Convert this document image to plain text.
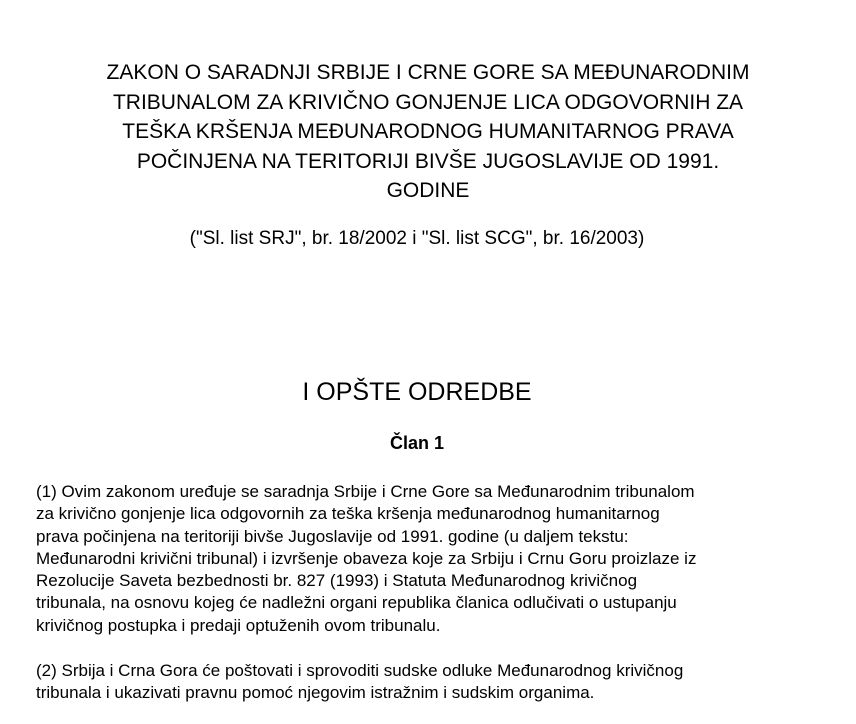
ZAKON O SARADNJI SRBIJE I CRNE GORE SA MEĐUNARODNIM
TRIBUNALOM ZA KRIVIČNO GONJENJE LICA ODGOVORNIH ZA
TEŠKA KRŠENJA MEĐUNARODNOG HUMANITARNOG PRAVA
POČINJENA NA TERITORIJI BIVŠE JUGOSLAVIJE OD 1991.
GODINE

("Sl. list SRJ", br. 18/2002 i "Sl. list SCG", br. 16/2003)

I OPŠTE ODREDBE
Član 1

(1) Ovim zakonom uređuje se saradnja Srbije i Crne Gore sa Međunarodnim tribunalom
za krivično gonjenje lica odgovornih za teška kršenja međunarodnog humanitarnog
prava počinjena na teritoriji bivše Jugoslavije od 1991. godine (u daljem tekstu:
Međunarodni krivični tribunal) i izvršenje obaveza koje za Srbiju i Crnu Goru proizlaze iz
Rezolucije Saveta bezbednosti br. 827 (1993) i Statuta Međunarodnog krivičnog
tribunala, na osnovu kojeg će nadležni organi republika članica odlučivati o ustupanju
krivičnog postupka i predaji optuženih ovom tribunalu.

(2) Srbija i Crna Gora će poštovati i sprovoditi sudske odluke Međunarodnog krivičnog
tribunala i ukazivati pravnu pomoć njegovim istražnim i sudskim organima.
